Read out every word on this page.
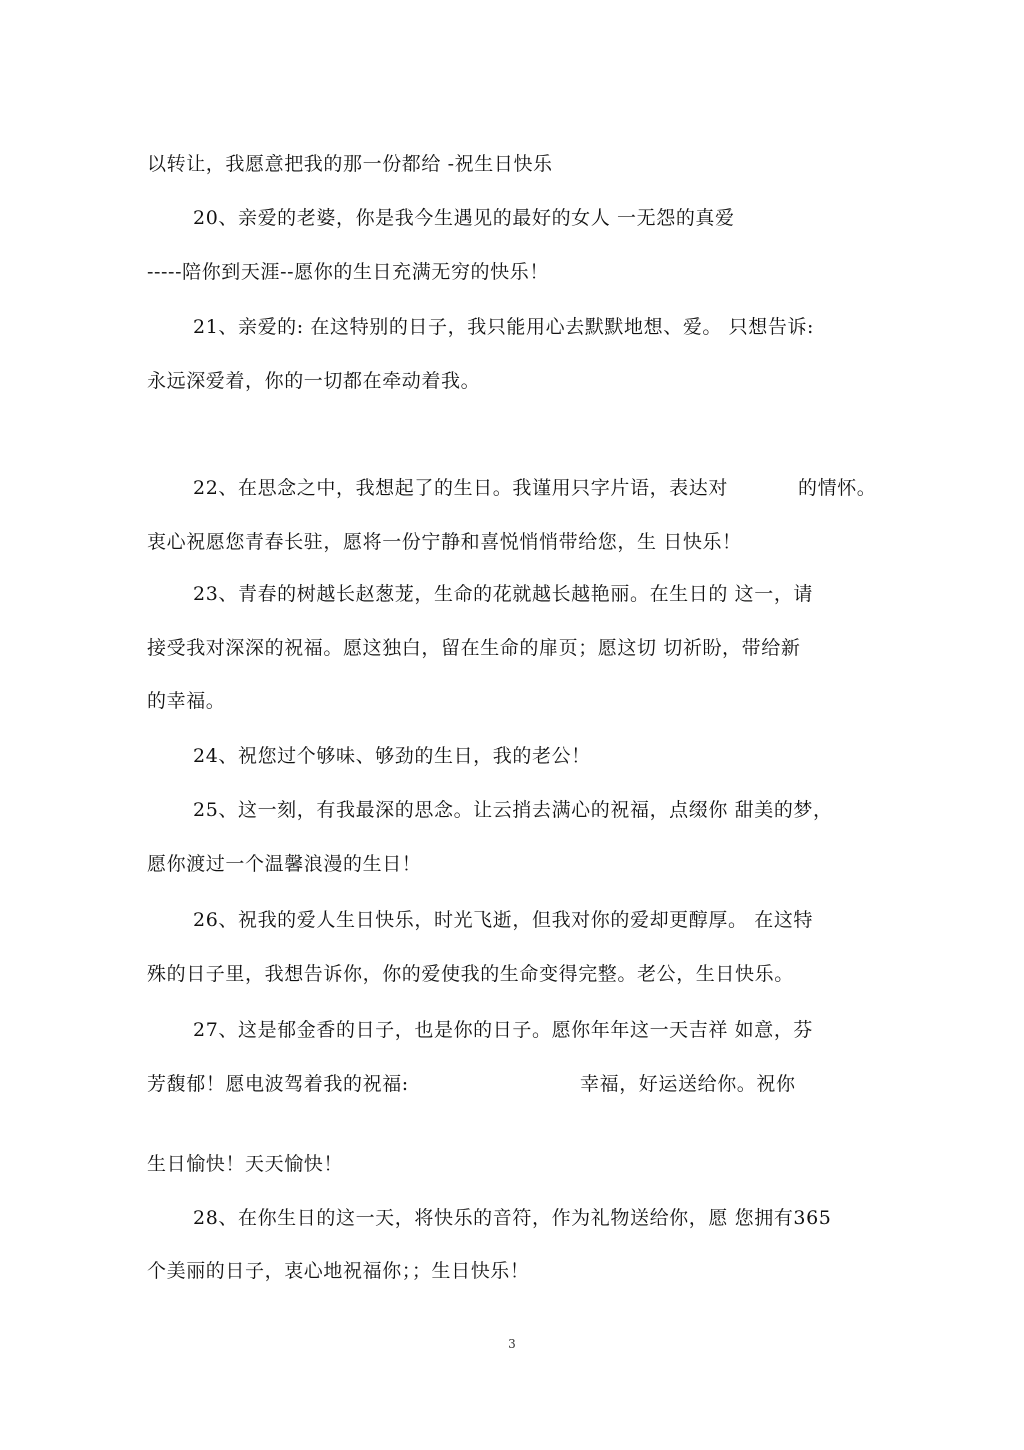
以转让，我愿意把我的那一份都给 -祝生日快乐
20、亲爱的老婆，你是我今生遇见的最好的女人 一无怨的真爱
-----陪你到天涯--愿你的生日充满无穷的快乐！
21、亲爱的: 在这特别的日子，我只能用心去默默地想、爱。 只想告诉:
永远深爱着，你的一切都在牵动着我。
22、在思念之中，我想起了的生日。我谨用只字片语，表达对	的情怀。
衷心祝愿您青春长驻，愿将一份宁静和喜悦悄悄带给您，生 日快乐！
23、青春的树越长赵葱茏，生命的花就越长越艳丽。在生日的 这一，请
接受我对深深的祝福。愿这独白，留在生命的扉页；愿这切 切祈盼，带给新
的幸福。
24、祝您过个够味、够劲的生日，我的老公！
25、这一刻，有我最深的思念。让云捎去满心的祝福，点缀你 甜美的梦，
愿你渡过一个温馨浪漫的生日！
26、祝我的爱人生日快乐，时光飞逝，但我对你的爱却更醇厚。 在这特
殊的日子里，我想告诉你，你的爱使我的生命变得完整。老公，生日快乐。
27、这是郁金香的日子，也是你的日子。愿你年年这一天吉祥 如意，芬
芳馥郁！愿电波驾着我的祝福:	幸福，好运送给你。祝你
生日愉快！天天愉快！
28、在你生日的这一天，将快乐的音符，作为礼物送给你，愿 您拥有365
个美丽的日子，衷心地祝福你；；生日快乐！
3
